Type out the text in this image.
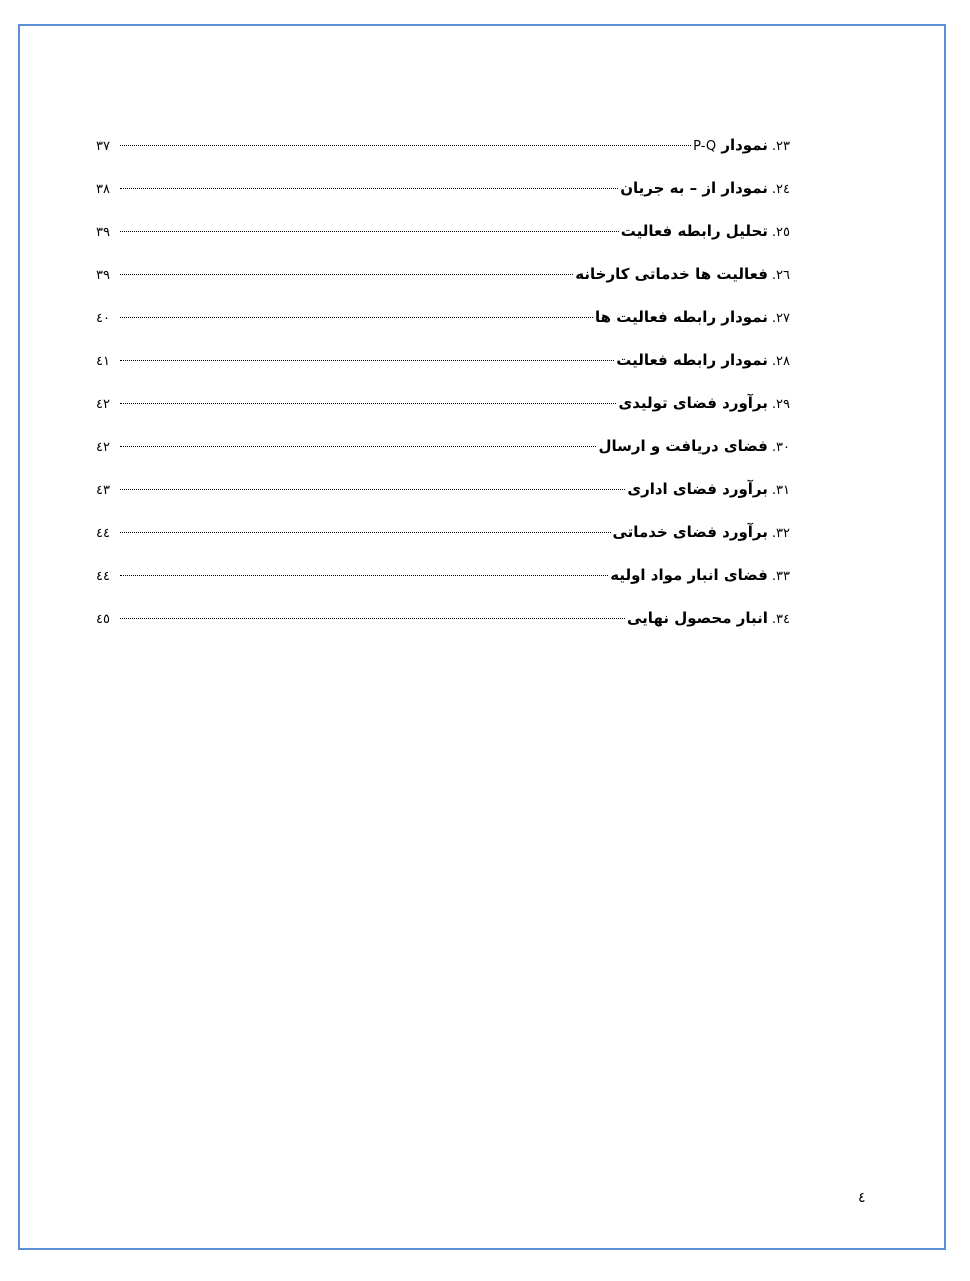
۲۳.
نمودار P-Q
۳۷
۲٤.
نمودار از – به جریان
۳۸
۲٥.
تحلیل رابطه فعالیت
۳۹
۲٦.
فعالیت ها خدماتی کارخانه
۳۹
۲۷.
نمودار رابطه فعالیت ها
٤۰
۲۸.
نمودار رابطه فعالیت
٤۱
۲۹.
برآورد فضای تولیدی
٤۲
۳۰.
فضای دریافت و ارسال
٤۲
۳۱.
برآورد فضای اداری
٤۳
۳۲.
برآورد فضای خدماتی
٤٤
۳۳.
فضای انبار مواد اولیه
٤٤
۳٤.
انبار محصول نهایی
٤٥
٤
